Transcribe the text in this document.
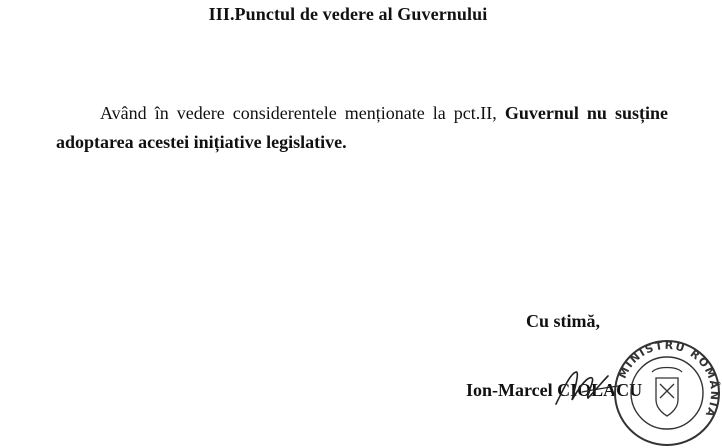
III.Punctul de vedere al Guvernului
Având în vedere considerentele menționate la pct.II, Guvernul nu susține adoptarea acestei inițiative legislative.
Cu stimă,
Ion-Marcel CIOLACU
MINISTRU ROMÂNIA
